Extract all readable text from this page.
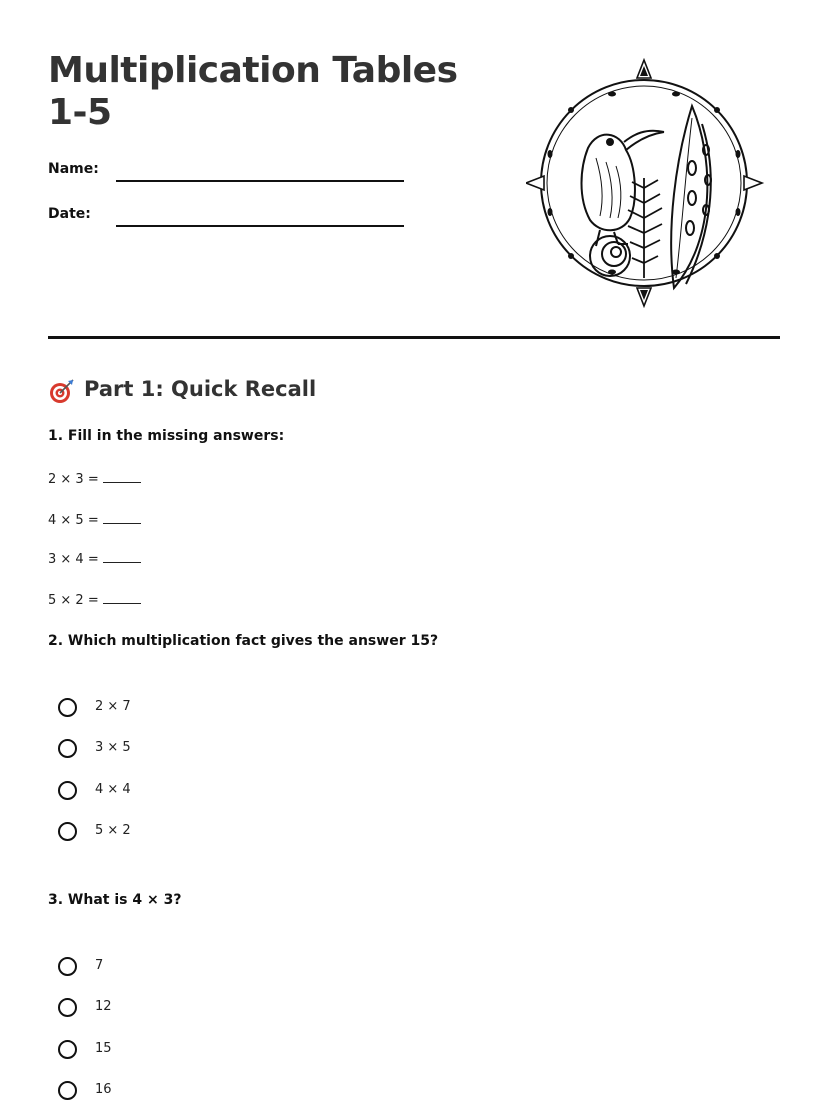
Multiplication Tables 1-5
Name:
Date:
Part 1: Quick Recall
1. Fill in the missing answers:
2 × 3 =
4 × 5 =
3 × 4 =
5 × 2 =
2. Which multiplication fact gives the answer 15?
2 × 7
3 × 5
4 × 4
5 × 2
3. What is 4 × 3?
7
12
15
16
